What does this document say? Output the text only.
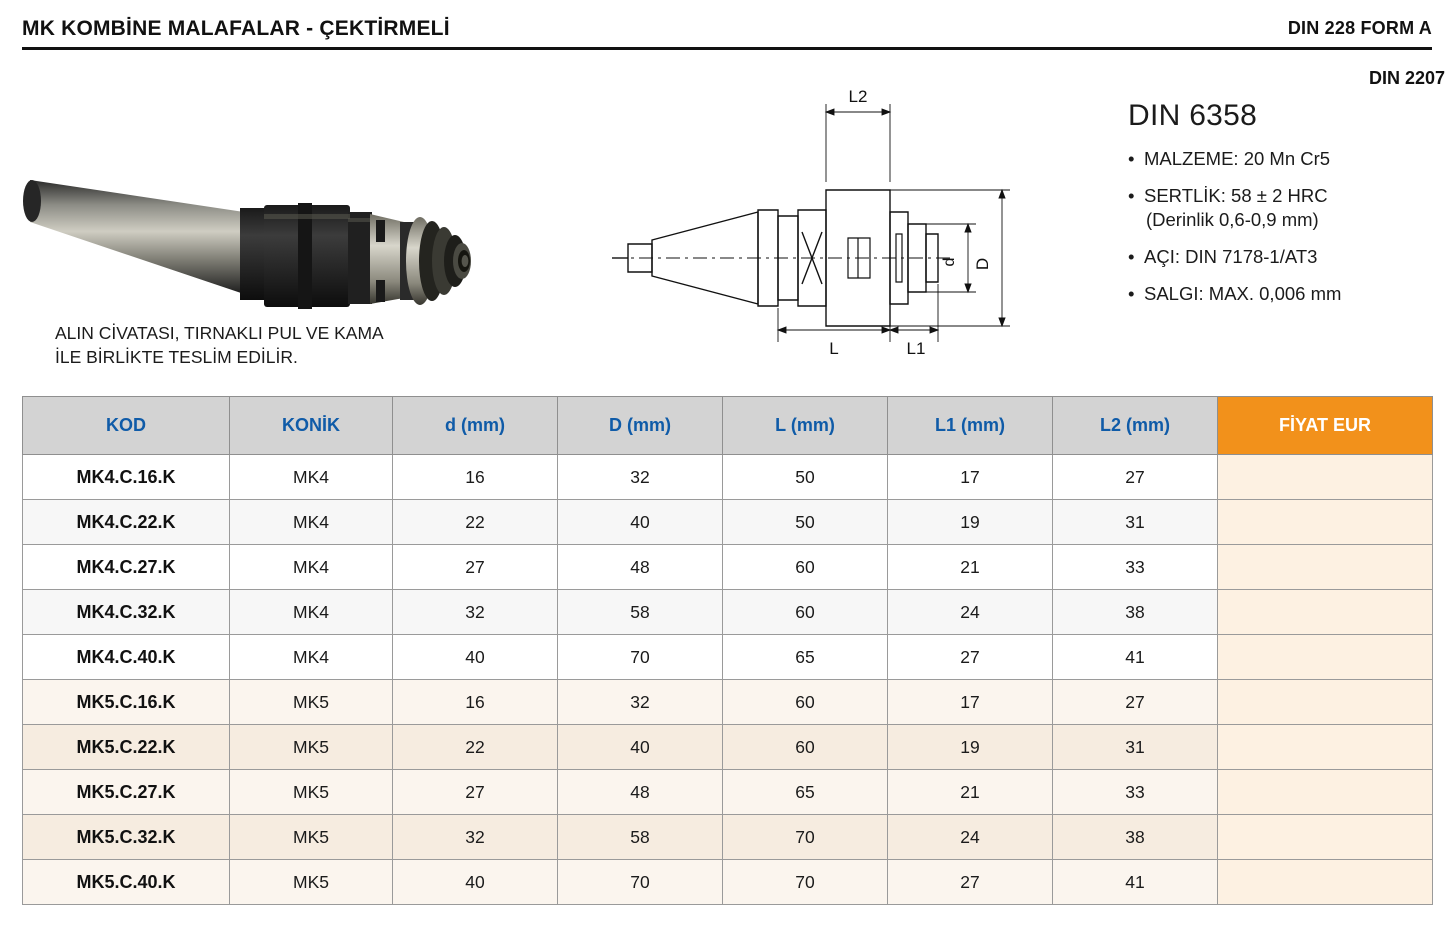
MK KOMBİNE MALAFALAR - ÇEKTİRMELİ	DIN 228 FORM A
ALIN CİVATASI, TIRNAKLI PUL VE KAMA
İLE BİRLİKTE TESLİM EDİLİR.
L2
D
d
L	L1
DIN 2207
DIN 6358
• MALZEME: 20 Mn Cr5
• SERTLİK: 58 ± 2 HRC
(Derinlik 0,6-0,9 mm)
• AÇI: DIN 7178-1/AT3
• SALGI: MAX. 0,006 mm
KOD	KONİK	d (mm)	D (mm)	L (mm)	L1 (mm)	L2 (mm)	FİYAT EUR
MK4.C.16.K	MK4	16	32	50	17	27	
MK4.C.22.K	MK4	22	40	50	19	31	
MK4.C.27.K	MK4	27	48	60	21	33	
MK4.C.32.K	MK4	32	58	60	24	38	
MK4.C.40.K	MK4	40	70	65	27	41	
MK5.C.16.K	MK5	16	32	60	17	27	
MK5.C.22.K	MK5	22	40	60	19	31	
MK5.C.27.K	MK5	27	48	65	21	33	
MK5.C.32.K	MK5	32	58	70	24	38	
MK5.C.40.K	MK5	40	70	70	27	41	
